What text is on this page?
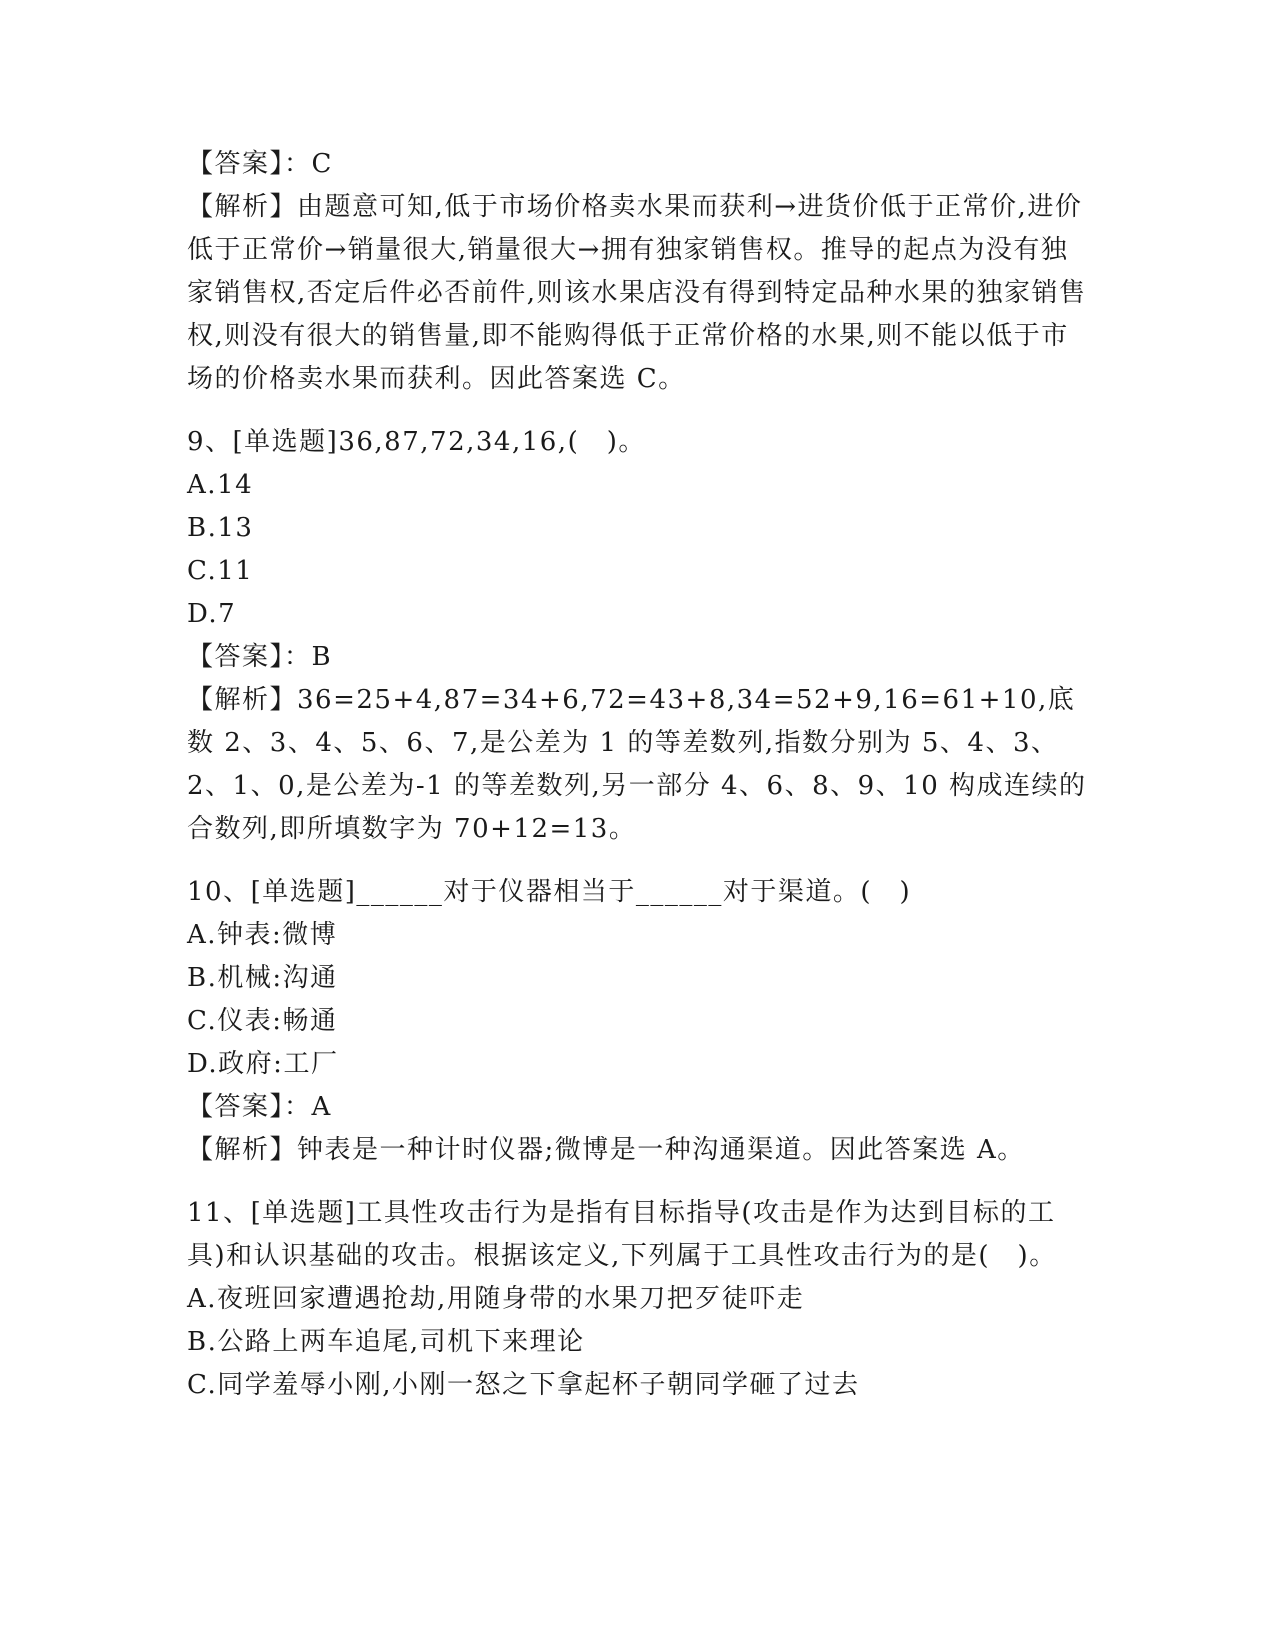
【答案】：C
【解析】由题意可知,低于市场价格卖水果而获利→进货价低于正常价,进价低于正常价→销量很大,销量很大→拥有独家销售权。推导的起点为没有独家销售权,否定后件必否前件,则该水果店没有得到特定品种水果的独家销售权,则没有很大的销售量,即不能购得低于正常价格的水果,则不能以低于市场的价格卖水果而获利。因此答案选 C。
9、[单选题]36,87,72,34,16,(　)。
A.14
B.13
C.11
D.7
【答案】：B
【解析】36=25+4,87=34+6,72=43+8,34=52+9,16=61+10,底数 2、3、4、5、6、7,是公差为 1 的等差数列,指数分别为 5、4、3、2、1、0,是公差为-1 的等差数列,另一部分 4、6、8、9、10 构成连续的合数列,即所填数字为 70+12=13。
10、[单选题]______对于仪器相当于______对于渠道。(　)
A.钟表:微博
B.机械:沟通
C.仪表:畅通
D.政府:工厂
【答案】：A
【解析】钟表是一种计时仪器;微博是一种沟通渠道。因此答案选 A。
11、[单选题]工具性攻击行为是指有目标指导(攻击是作为达到目标的工具)和认识基础的攻击。根据该定义,下列属于工具性攻击行为的是(　)。
A.夜班回家遭遇抢劫,用随身带的水果刀把歹徒吓走
B.公路上两车追尾,司机下来理论
C.同学羞辱小刚,小刚一怒之下拿起杯子朝同学砸了过去
